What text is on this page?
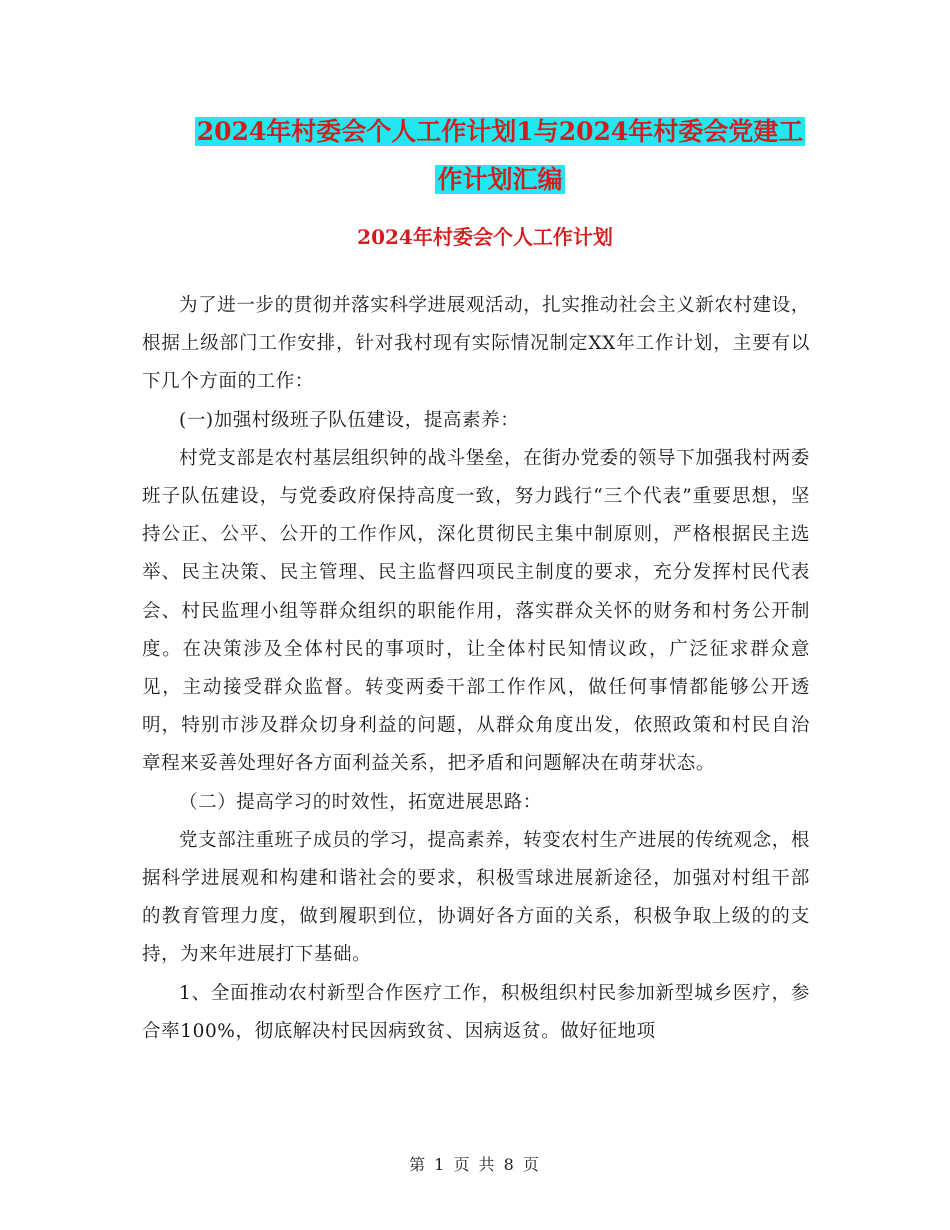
2024年村委会个人工作计划1与2024年村委会党建工
作计划汇编
2024年村委会个人工作计划

为了进一步的贯彻并落实科学进展观活动，扎实推动社会主义新农村建设，根据上级部门工作安排，针对我村现有实际情况制定XX年工作计划，主要有以下几个方面的工作：

(一)加强村级班子队伍建设，提高素养：

村党支部是农村基层组织钟的战斗堡垒，在街办党委的领导下加强我村两委班子队伍建设，与党委政府保持高度一致，努力践行“三个代表”重要思想，坚持公正、公平、公开的工作作风，深化贯彻民主集中制原则，严格根据民主选举、民主决策、民主管理、民主监督四项民主制度的要求，充分发挥村民代表会、村民监理小组等群众组织的职能作用，落实群众关怀的财务和村务公开制度。在决策涉及全体村民的事项时，让全体村民知情议政，广泛征求群众意见，主动接受群众监督。转变两委干部工作作风，做任何事情都能够公开透明，特别市涉及群众切身利益的问题，从群众角度出发，依照政策和村民自治章程来妥善处理好各方面利益关系，把矛盾和问题解决在萌芽状态。

（二）提高学习的时效性，拓宽进展思路：

党支部注重班子成员的学习，提高素养，转变农村生产进展的传统观念，根据科学进展观和构建和谐社会的要求，积极雪球进展新途径，加强对村组干部的教育管理力度，做到履职到位，协调好各方面的关系，积极争取上级的的支持，为来年进展打下基础。

1、全面推动农村新型合作医疗工作，积极组织村民参加新型城乡医疗，参合率100%，彻底解决村民因病致贫、因病返贫。做好征地项

第 1 页 共 8 页
